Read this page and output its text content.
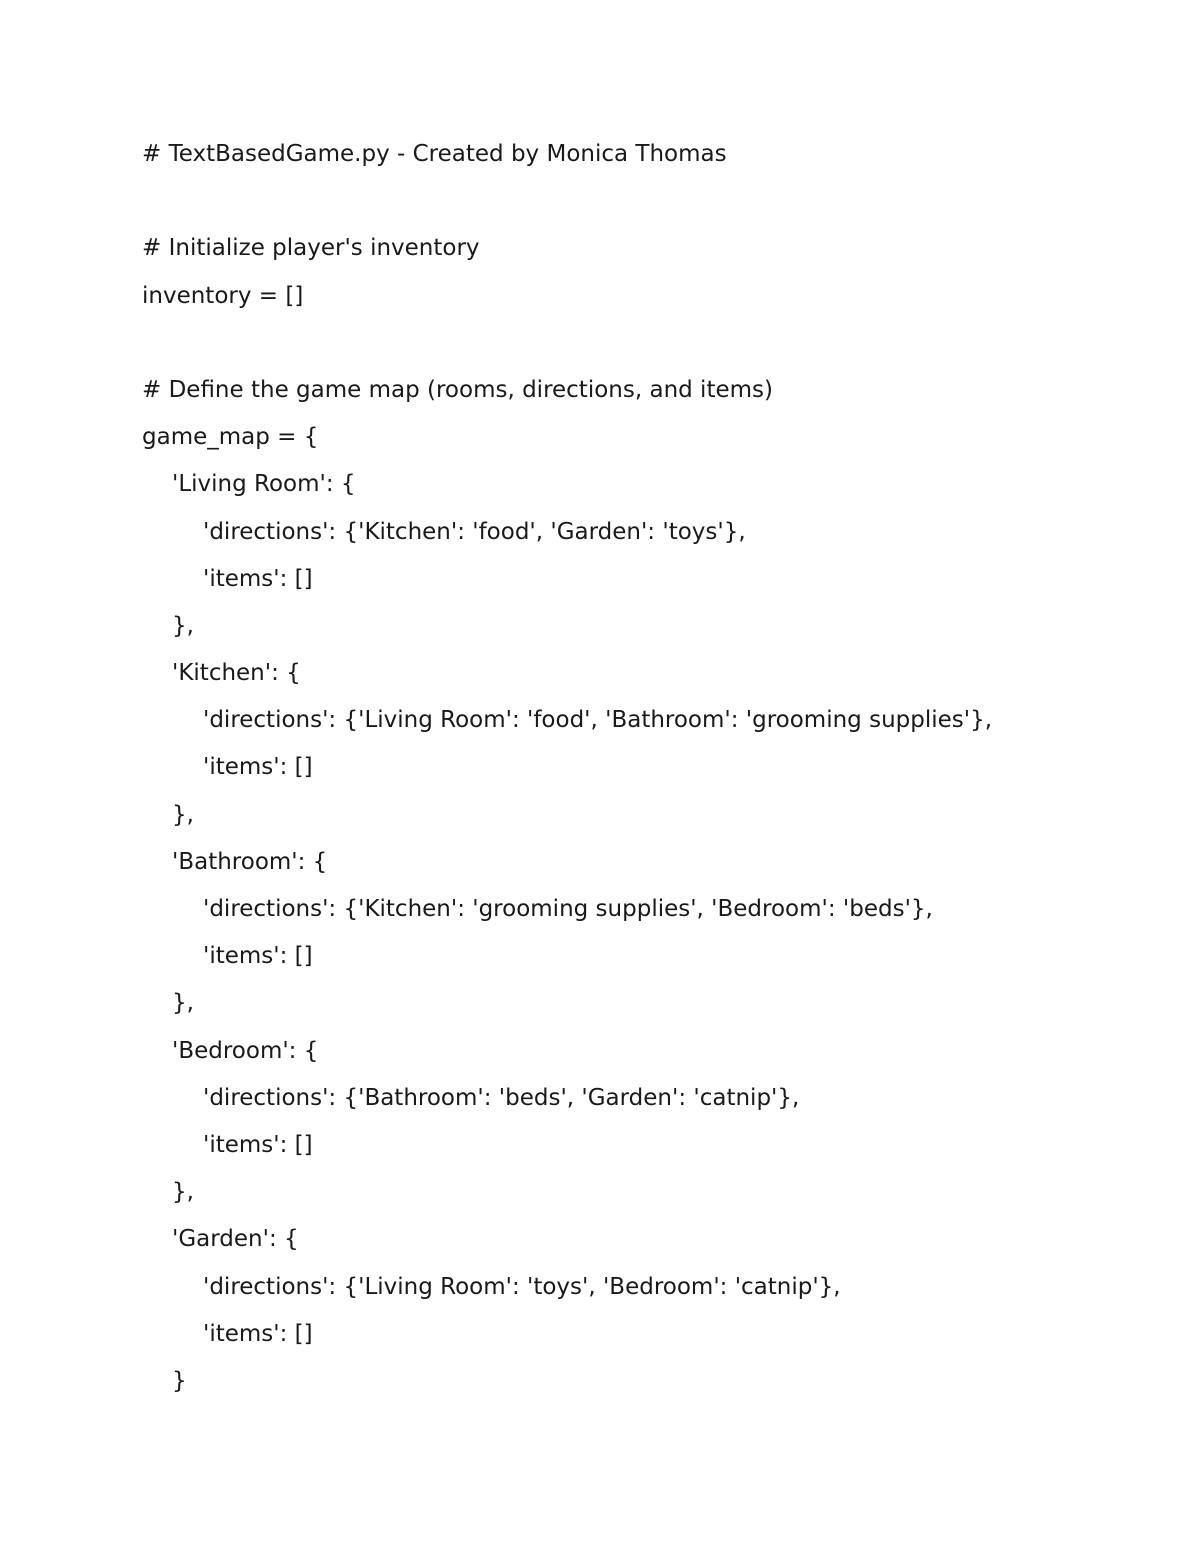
# TextBasedGame.py - Created by Monica Thomas
# Initialize player's inventory
inventory = []
# Define the game map (rooms, directions, and items)
game_map = {
'Living Room': {
'directions': {'Kitchen': 'food', 'Garden': 'toys'},
'items': []
},
'Kitchen': {
'directions': {'Living Room': 'food', 'Bathroom': 'grooming supplies'},
'items': []
},
'Bathroom': {
'directions': {'Kitchen': 'grooming supplies', 'Bedroom': 'beds'},
'items': []
},
'Bedroom': {
'directions': {'Bathroom': 'beds', 'Garden': 'catnip'},
'items': []
},
'Garden': {
'directions': {'Living Room': 'toys', 'Bedroom': 'catnip'},
'items': []
}
